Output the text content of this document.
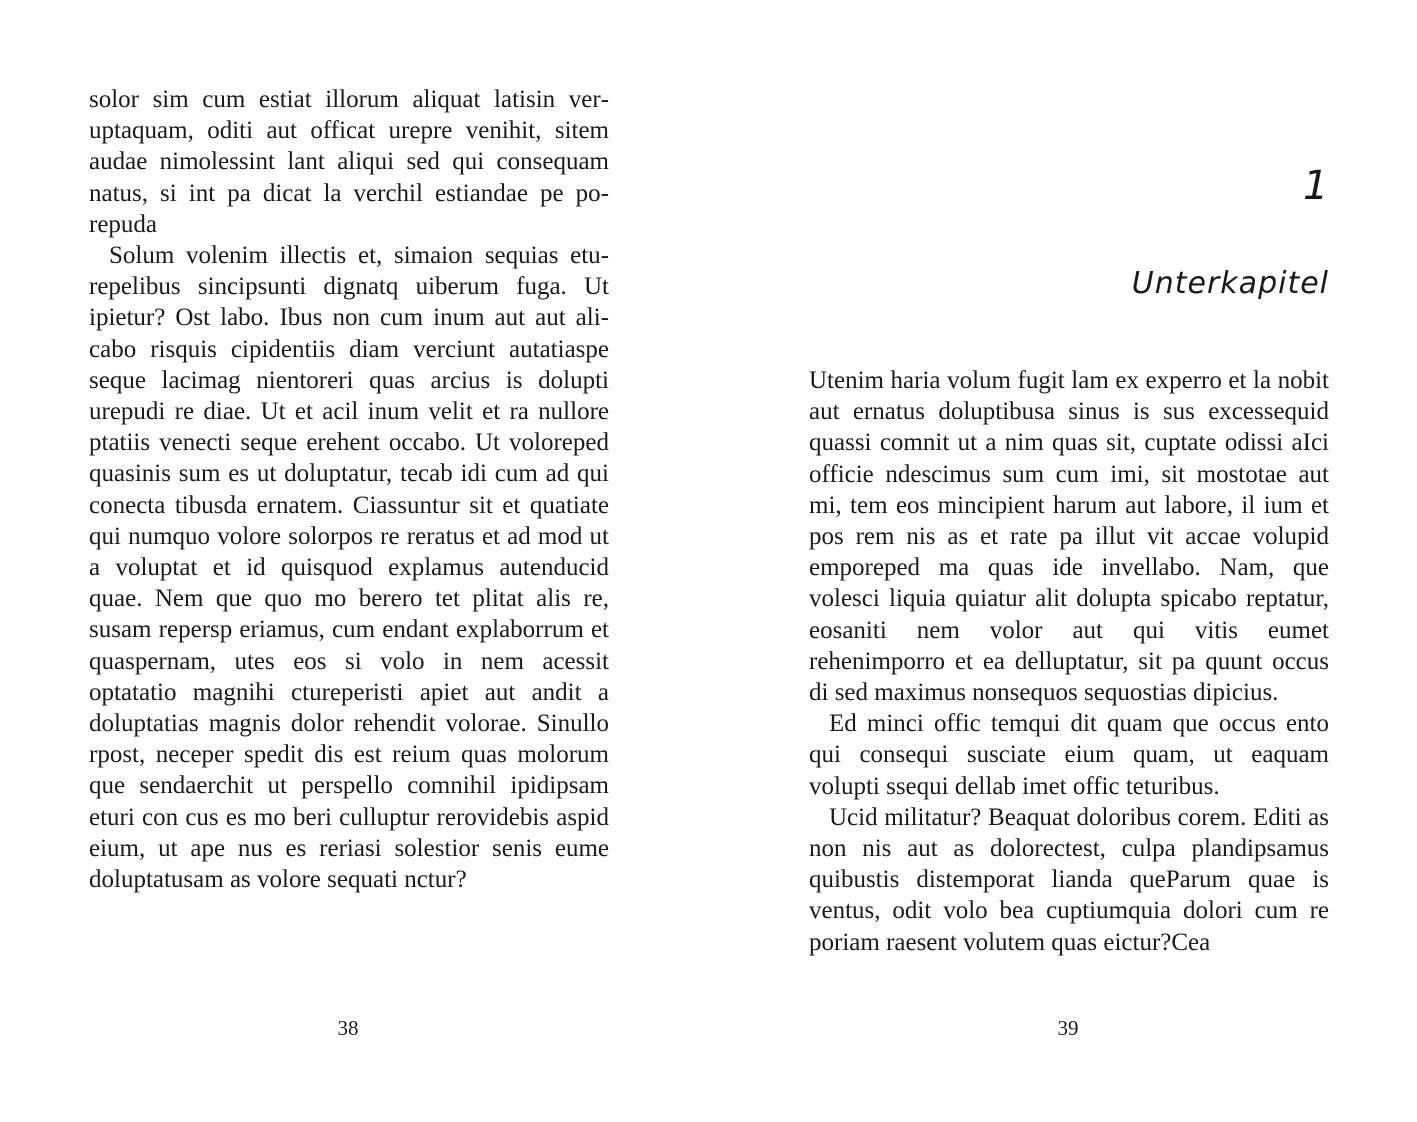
solor sim cum estiat illorum aliquat latisin veruptaquam, oditi aut officat urepre venihit, sitem audae nimolessint lant aliqui sed qui consequam natus, si int pa dicat la verchil estiandae pe porepuda

Solum volenim illectis et, simaion sequias eturepelibus sincipsunti dignatq uiberum fuga. Ut ipietur? Ost labo. Ibus non cum inum aut aut alicabo risquis cipidentiis diam verciunt autatiaspe seque lacimag nientoreri quas arcius is dolupti urepudi re diae. Ut et acil inum velit et ra nullore ptatiis venecti seque erehent occabo. Ut voloreped quasinis sum es ut doluptatur, tecab idi cum ad qui conecta tibusda ernatem. Ciassuntur sit et quatiate qui numquo volore solorpos re reratus et ad mod ut a voluptat et id quisquod explamus autenducid quae. Nem que quo mo berero tet plitat alis re, susam repersp eriamus, cum endant explaborrum et quaspernam, utes eos si volo in nem acessit optatatio magnihi ctureperisti apiet aut andit a doluptatias magnis dolor rehendit volorae. Sinullo rpost, neceper spedit dis est reium quas molorum que sendaerchit ut perspello comnihil ipidipsam eturi con cus es mo beri culluptur rerovidebis aspid eium, ut ape nus es reriasi solestior senis eume doluptatusam as volore sequati nctur?

38
1
Unterkapitel

Utenim haria volum fugit lam ex experro et la nobit aut ernatus doluptibusa sinus is sus excessequid quassi comnit ut a nim quas sit, cuptate odissi aIci officie ndescimus sum cum imi, sit mostotae aut mi, tem eos mincipient harum aut labore, il ium et pos rem nis as et rate pa illut vit accae volupid emporeped ma quas ide invellabo. Nam, que volesci liquia quiatur alit dolupta spicabo reptatur, eosaniti nem volor aut qui vitis eumet rehenimporro et ea delluptatur, sit pa quunt occus di sed maximus nonsequos sequostias dipicius.

Ed minci offic temqui dit quam que occus ento qui consequi susciate eium quam, ut eaquam volupti ssequi dellab imet offic teturibus.

Ucid militatur? Beaquat doloribus corem. Editi as non nis aut as dolorectest, culpa plandipsamus quibustis distemporat lianda queParum quae is ventus, odit volo bea cuptiumquia dolori cum re poriam raesent volutem quas eictur?Cea

39
